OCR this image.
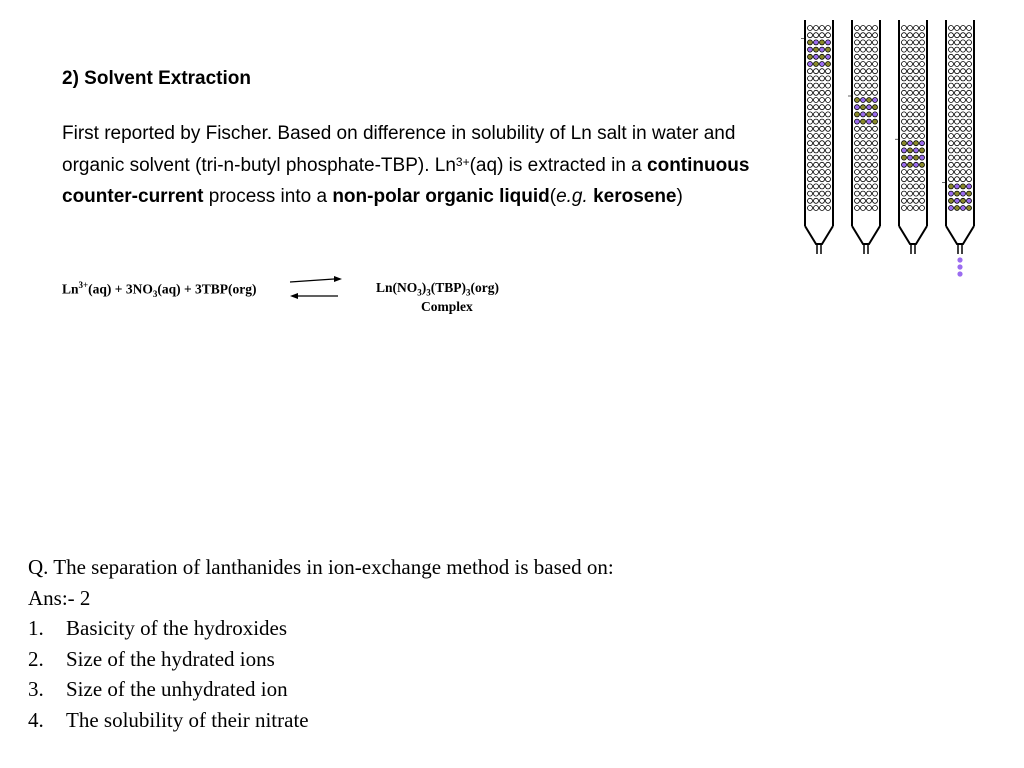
2) Solvent Extraction
First reported by Fischer. Based on difference in solubility of Ln salt in water and organic solvent (tri-n-butyl phosphate-TBP). $Ln^{3+}(aq)$ is extracted in a continuous counter-current process into a non-polar organic liquid(e.g. kerosene)
$Ln^{3+}(aq) + 3NO_3(aq) + 3TBP(org)$	$Ln(NO_3)_3(TBP)_3(org)$
Complex
Q. The separation of lanthanides in ion-exchange method is based on:
Ans:- 2
1. Basicity of the hydroxides
2. Size of the hydrated ions
3. Size of the unhydrated ion
4. The solubility of their nitrate
